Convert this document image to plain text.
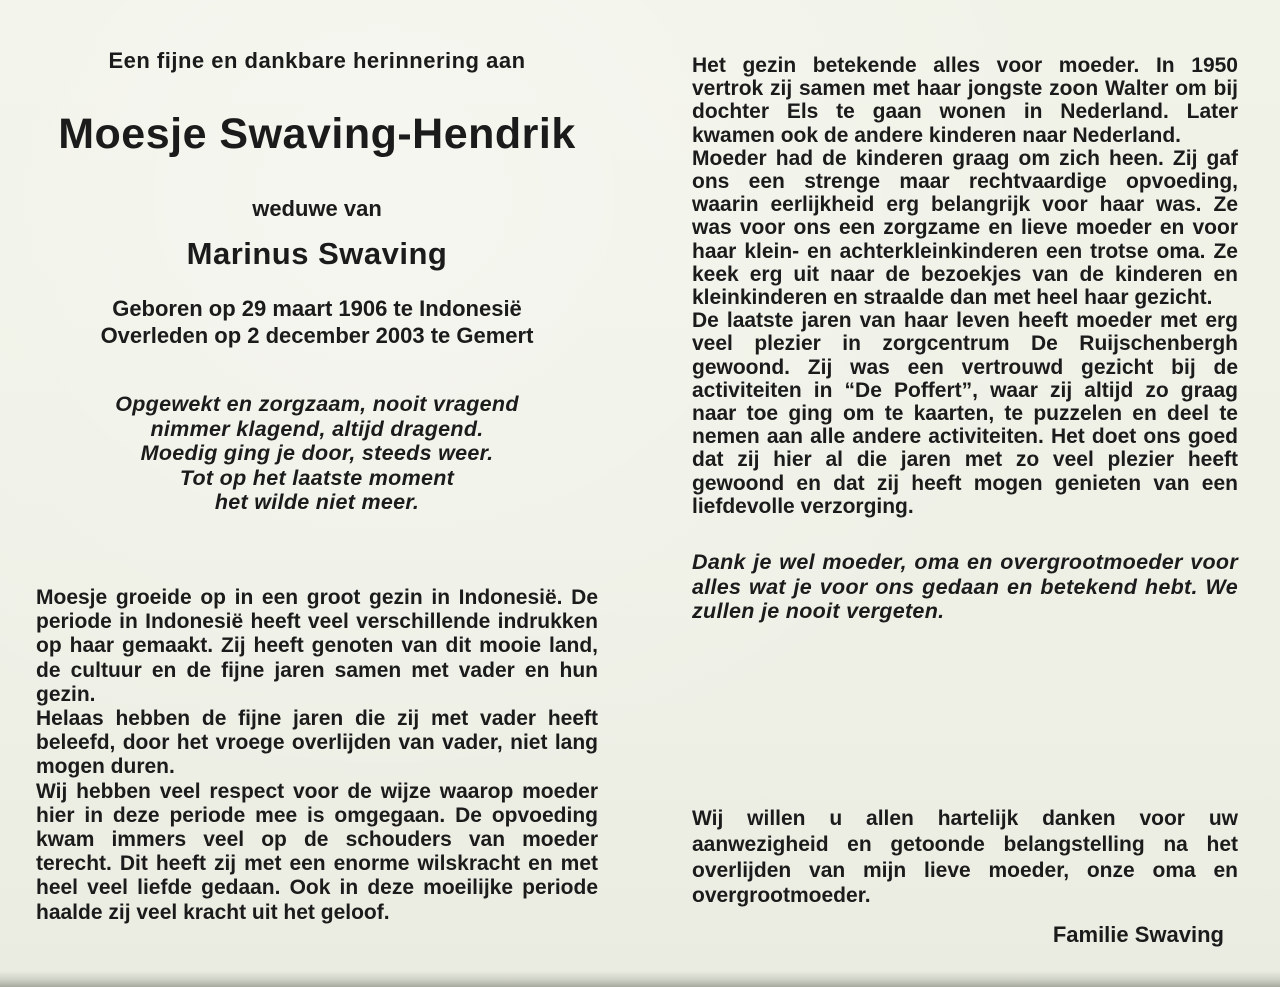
Een fijne en dankbare herinnering aan
Moesje Swaving-Hendrik
weduwe van
Marinus Swaving
Geboren op 29 maart 1906 te Indonesië
Overleden op 2 december 2003 te Gemert
Opgewekt en zorgzaam, nooit vragend
nimmer klagend, altijd dragend.
Moedig ging je door, steeds weer.
Tot op het laatste moment
het wilde niet meer.

Moesje groeide op in een groot gezin in Indonesië. De periode in Indonesië heeft veel verschillende indrukken op haar gemaakt. Zij heeft genoten van dit mooie land, de cultuur en de fijne jaren samen met vader en hun gezin.

Helaas hebben de fijne jaren die zij met vader heeft beleefd, door het vroege overlijden van vader, niet lang mogen duren.

Wij hebben veel respect voor de wijze waarop moeder hier in deze periode mee is omgegaan. De opvoeding kwam immers veel op de schouders van moeder terecht. Dit heeft zij met een enorme wilskracht en met heel veel liefde gedaan. Ook in deze moeilijke periode haalde zij veel kracht uit het geloof.

Het gezin betekende alles voor moeder. In 1950 vertrok zij samen met haar jongste zoon Walter om bij dochter Els te gaan wonen in Nederland. Later kwamen ook de andere kinderen naar Nederland.

Moeder had de kinderen graag om zich heen. Zij gaf ons een strenge maar rechtvaardige opvoeding, waarin eerlijkheid erg belangrijk voor haar was. Ze was voor ons een zorgzame en lieve moeder en voor haar klein- en achterkleinkinderen een trotse oma. Ze keek erg uit naar de bezoekjes van de kinderen en kleinkinderen en straalde dan met heel haar gezicht.

De laatste jaren van haar leven heeft moeder met erg veel plezier in zorgcentrum De Ruijschenbergh gewoond. Zij was een vertrouwd gezicht bij de activiteiten in “De Poffert”, waar zij altijd zo graag naar toe ging om te kaarten, te puzzelen en deel te nemen aan alle andere activiteiten. Het doet ons goed dat zij hier al die jaren met zo veel plezier heeft gewoond en dat zij heeft mogen genieten van een liefdevolle verzorging.

Dank je wel moeder, oma en overgrootmoeder voor alles wat je voor ons gedaan en betekend hebt. We zullen je nooit vergeten.
Wij willen u allen hartelijk danken voor uw aanwezigheid en getoonde belangstelling na het overlijden van mijn lieve moeder, onze oma en overgrootmoeder.
Familie Swaving
